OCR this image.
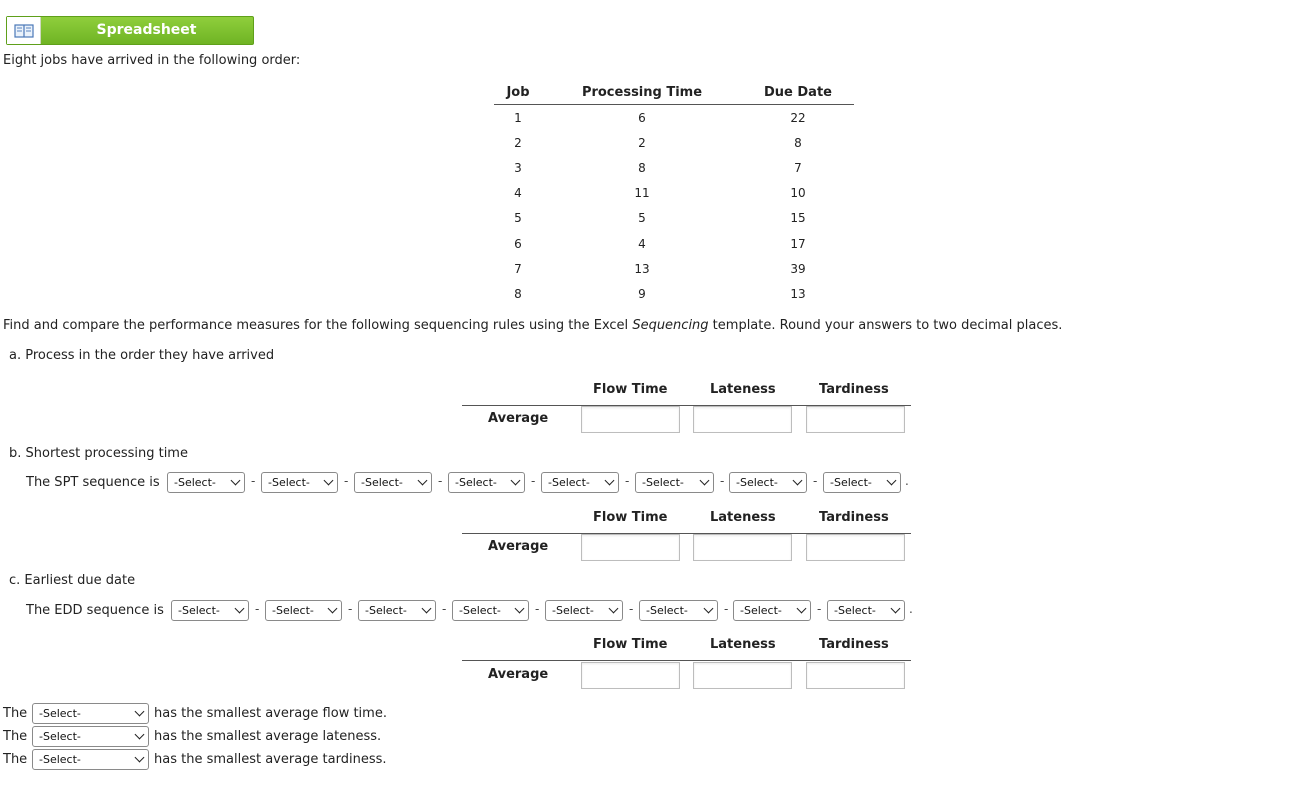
Spreadsheet
Eight jobs have arrived in the following order:
Job	Processing Time	Due Date
1	6	22
2	2	8
3	8	7
4	11	10
5	5	15
6	4	17
7	13	39
8	9	13
Find and compare the performance measures for the following sequencing rules using the Excel Sequencing template. Round your answers to two decimal places.
a. Process in the order they have arrived
Flow Time	Lateness	Tardiness
Average
b. Shortest processing time
The SPT sequence is	-Select-	-	-Select-	-	-Select-	-	-Select-	-	-Select-	-	-Select-	-	-Select-	-	-Select-	.
Flow Time	Lateness	Tardiness
Average
c. Earliest due date
The EDD sequence is	-Select-	-	-Select-	-	-Select-	-	-Select-	-	-Select-	-	-Select-	-	-Select-	-	-Select-	.
Flow Time	Lateness	Tardiness
Average
The	-Select-	has the smallest average flow time.
The	-Select-	has the smallest average lateness.
The	-Select-	has the smallest average tardiness.
